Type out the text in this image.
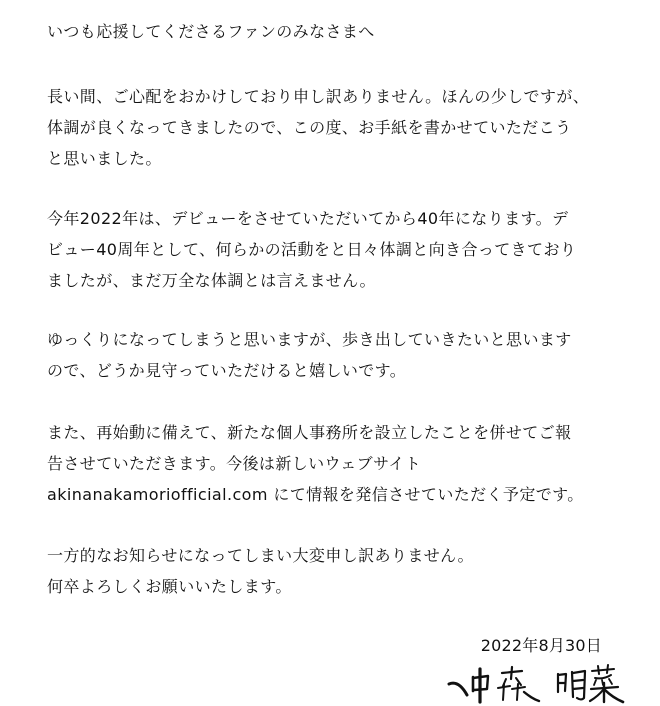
いつも応援してくださるファンのみなさまへ

長い間、ご心配をおかけしており申し訳ありません。ほんの少しですが、
体調が良くなってきましたので、この度、お手紙を書かせていただこう
と思いました。

今年2022年は、デビューをさせていただいてから40年になります。デ
ビュー40周年として、何らかの活動をと日々体調と向き合ってきており
ましたが、まだ万全な体調とは言えません。

ゆっくりになってしまうと思いますが、歩き出していきたいと思います
ので、どうか見守っていただけると嬉しいです。

また、再始動に備えて、新たな個人事務所を設立したことを併せてご報
告させていただきます。今後は新しいウェブサイト
akinanakamoriofficial.com にて情報を発信させていただく予定です。

一方的なお知らせになってしまい大変申し訳ありません。
何卒よろしくお願いいたします。

2022年8月30日
